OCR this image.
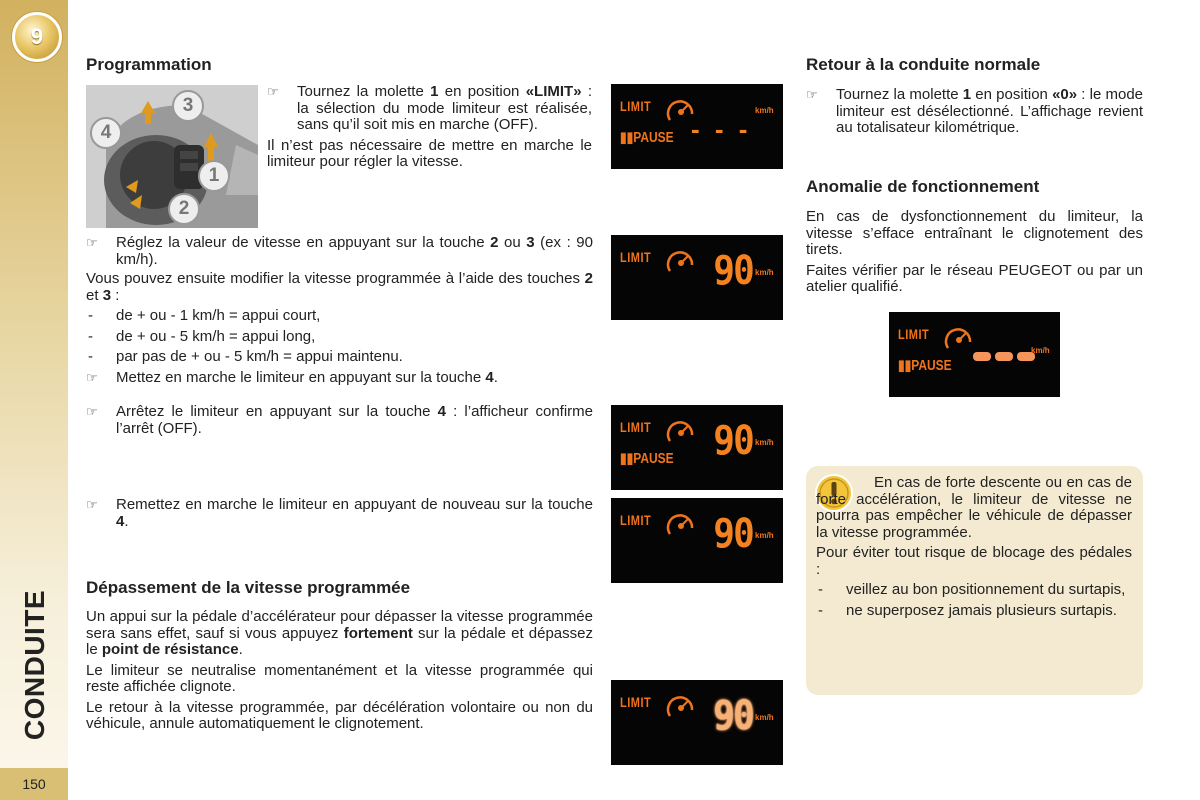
9
CONDUITE
150
Programmation
3
4
1
2
☞ Tournez la molette 1 en position «LIMIT» : la sélection du mode limiteur est réalisée, sans qu’il soit mis en marche (OFF).

Il n’est pas nécessaire de mettre en marche le limiteur pour régler la vitesse.

☞ Réglez la valeur de vitesse en appuyant sur la touche 2 ou 3 (ex : 90 km/h).

Vous pouvez ensuite modifier la vitesse programmée à l’aide des touches 2 et 3 :

- de + ou - 1 km/h = appui court,
- de + ou - 5 km/h = appui long,
- par pas de + ou - 5 km/h = appui maintenu.
☞ Mettez en marche le limiteur en appuyant sur la touche 4.
☞ Arrêtez le limiteur en appuyant sur la touche 4 : l’afficheur confirme l’arrêt (OFF).
☞ Remettez en marche le limiteur en appuyant de nouveau sur la touche 4.
Dépassement de la vitesse programmée

Un appui sur la pédale d’accélérateur pour dépasser la vitesse programmée sera sans effet, sauf si vous appuyez fortement sur la pédale et dépassez le point de résistance.

Le limiteur se neutralise momentanément et la vitesse programmée qui reste affichée clignote.

Le retour à la vitesse programmée, par décélération volontaire ou non du véhicule, annule automatiquement le clignotement.

LIMIT
▮▮PAUSE - - -
km/h
LIMIT 90 km/h
LIMIT
▮▮PAUSE 90 km/h
LIMIT 90 km/h
LIMIT 90 km/h
LIMIT
▮▮PAUSE
km/h
Retour à la conduite normale
☞ Tournez la molette 1 en position «0» : le mode limiteur est désélectionné. L’affichage revient au totalisateur kilométrique.
Anomalie de fonctionnement

En cas de dysfonctionnement du limiteur, la vitesse s’efface entraînant le clignotement des tirets.

Faites vérifier par le réseau PEUGEOT ou par un atelier qualifié.

En cas de forte descente ou en cas de forte accélération, le limiteur de vitesse ne pourra pas empêcher le véhicule de dépasser la vitesse programmée.

Pour éviter tout risque de blocage des pédales :

- veillez au bon positionnement du surtapis,
- ne superposez jamais plusieurs surtapis.
